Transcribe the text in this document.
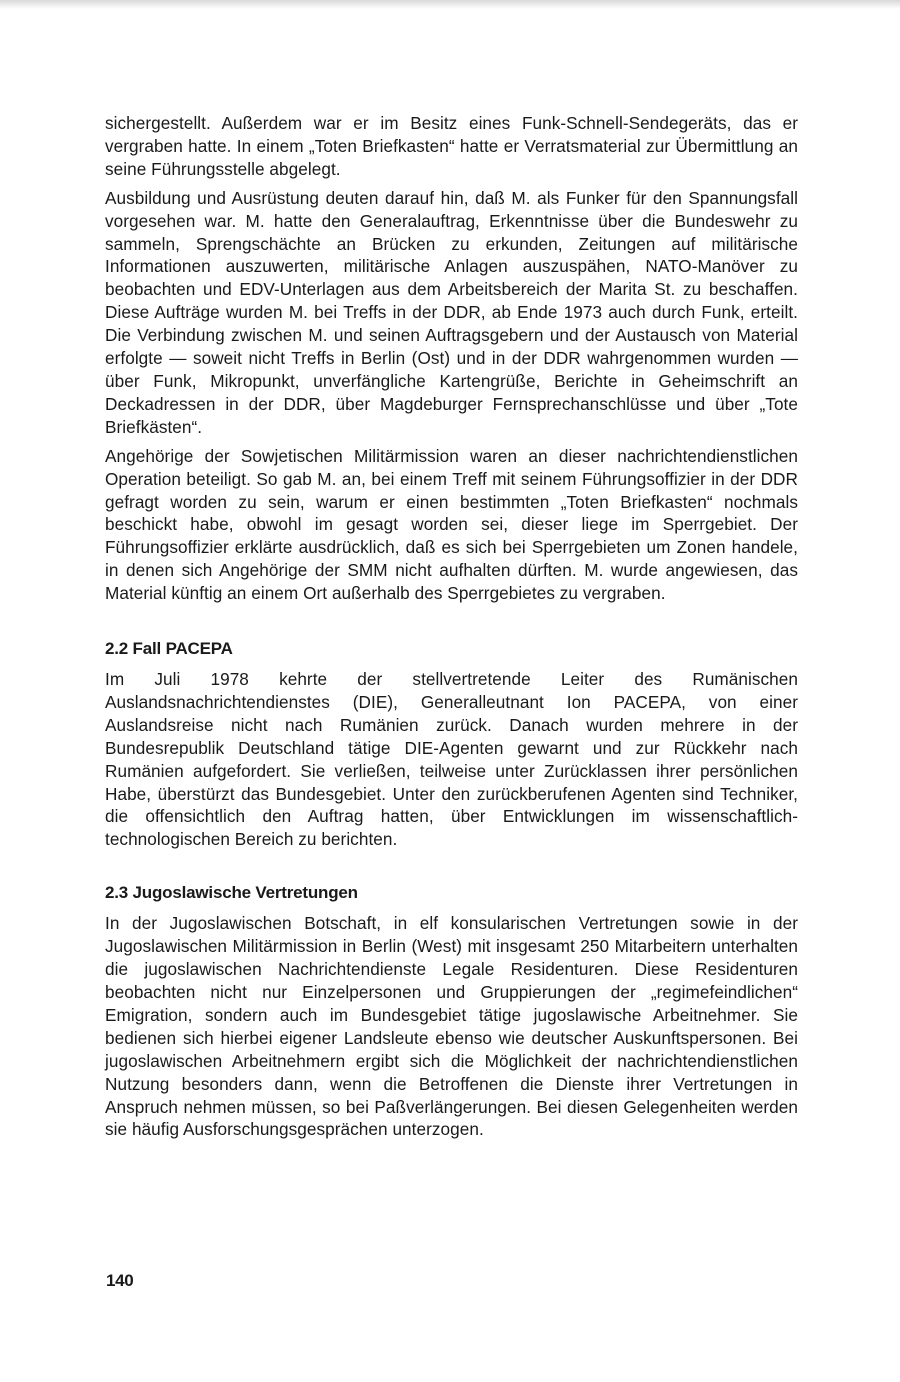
sichergestellt. Außerdem war er im Besitz eines Funk-Schnell-Sendegeräts, das er vergraben hatte. In einem „Toten Briefkasten“ hatte er Verratsmaterial zur Übermittlung an seine Führungsstelle abgelegt.

Ausbildung und Ausrüstung deuten darauf hin, daß M. als Funker für den Spannungsfall vorgesehen war. M. hatte den Generalauftrag, Erkenntnisse über die Bundeswehr zu sammeln, Sprengschächte an Brücken zu erkunden, Zeitungen auf militärische Informationen auszuwerten, militärische Anlagen auszuspähen, NATO-Manöver zu beobachten und EDV-Unterlagen aus dem Arbeitsbereich der Marita St. zu beschaffen. Diese Aufträge wurden M. bei Treffs in der DDR, ab Ende 1973 auch durch Funk, erteilt. Die Verbindung zwischen M. und seinen Auftragsgebern und der Austausch von Material erfolgte — soweit nicht Treffs in Berlin (Ost) und in der DDR wahrgenommen wurden — über Funk, Mikropunkt, unverfängliche Kartengrüße, Berichte in Geheimschrift an Deckadressen in der DDR, über Magdeburger Fernsprechanschlüsse und über „Tote Briefkästen“.

Angehörige der Sowjetischen Militärmission waren an dieser nachrichtendienstlichen Operation beteiligt. So gab M. an, bei einem Treff mit seinem Führungsoffizier in der DDR gefragt worden zu sein, warum er einen bestimmten „Toten Briefkasten“ nochmals beschickt habe, obwohl im gesagt worden sei, dieser liege im Sperrgebiet. Der Führungsoffizier erklärte ausdrücklich, daß es sich bei Sperrgebieten um Zonen handele, in denen sich Angehörige der SMM nicht aufhalten dürften. M. wurde angewiesen, das Material künftig an einem Ort außerhalb des Sperrgebietes zu vergraben.

2.2 Fall PACEPA

Im Juli 1978 kehrte der stellvertretende Leiter des Rumänischen Auslandsnachrichtendienstes (DIE), Generalleutnant Ion PACEPA, von einer Auslandsreise nicht nach Rumänien zurück. Danach wurden mehrere in der Bundesrepublik Deutschland tätige DIE-Agenten gewarnt und zur Rückkehr nach Rumänien aufgefordert. Sie verließen, teilweise unter Zurücklassen ihrer persönlichen Habe, überstürzt das Bundesgebiet. Unter den zurückberufenen Agenten sind Techniker, die offensichtlich den Auftrag hatten, über Entwicklungen im wissenschaftlich-technologischen Bereich zu berichten.

2.3 Jugoslawische Vertretungen

In der Jugoslawischen Botschaft, in elf konsularischen Vertretungen sowie in der Jugoslawischen Militärmission in Berlin (West) mit insgesamt 250 Mitarbeitern unterhalten die jugoslawischen Nachrichtendienste Legale Residenturen. Diese Residenturen beobachten nicht nur Einzelpersonen und Gruppierungen der „regimefeindlichen“ Emigration, sondern auch im Bundesgebiet tätige jugoslawische Arbeitnehmer. Sie bedienen sich hierbei eigener Landsleute ebenso wie deutscher Auskunftspersonen. Bei jugoslawischen Arbeitnehmern ergibt sich die Möglichkeit der nachrichtendienstlichen Nutzung besonders dann, wenn die Betroffenen die Dienste ihrer Vertretungen in Anspruch nehmen müssen, so bei Paßverlängerungen. Bei diesen Gelegenheiten werden sie häufig Ausforschungsgesprächen unterzogen.

140
